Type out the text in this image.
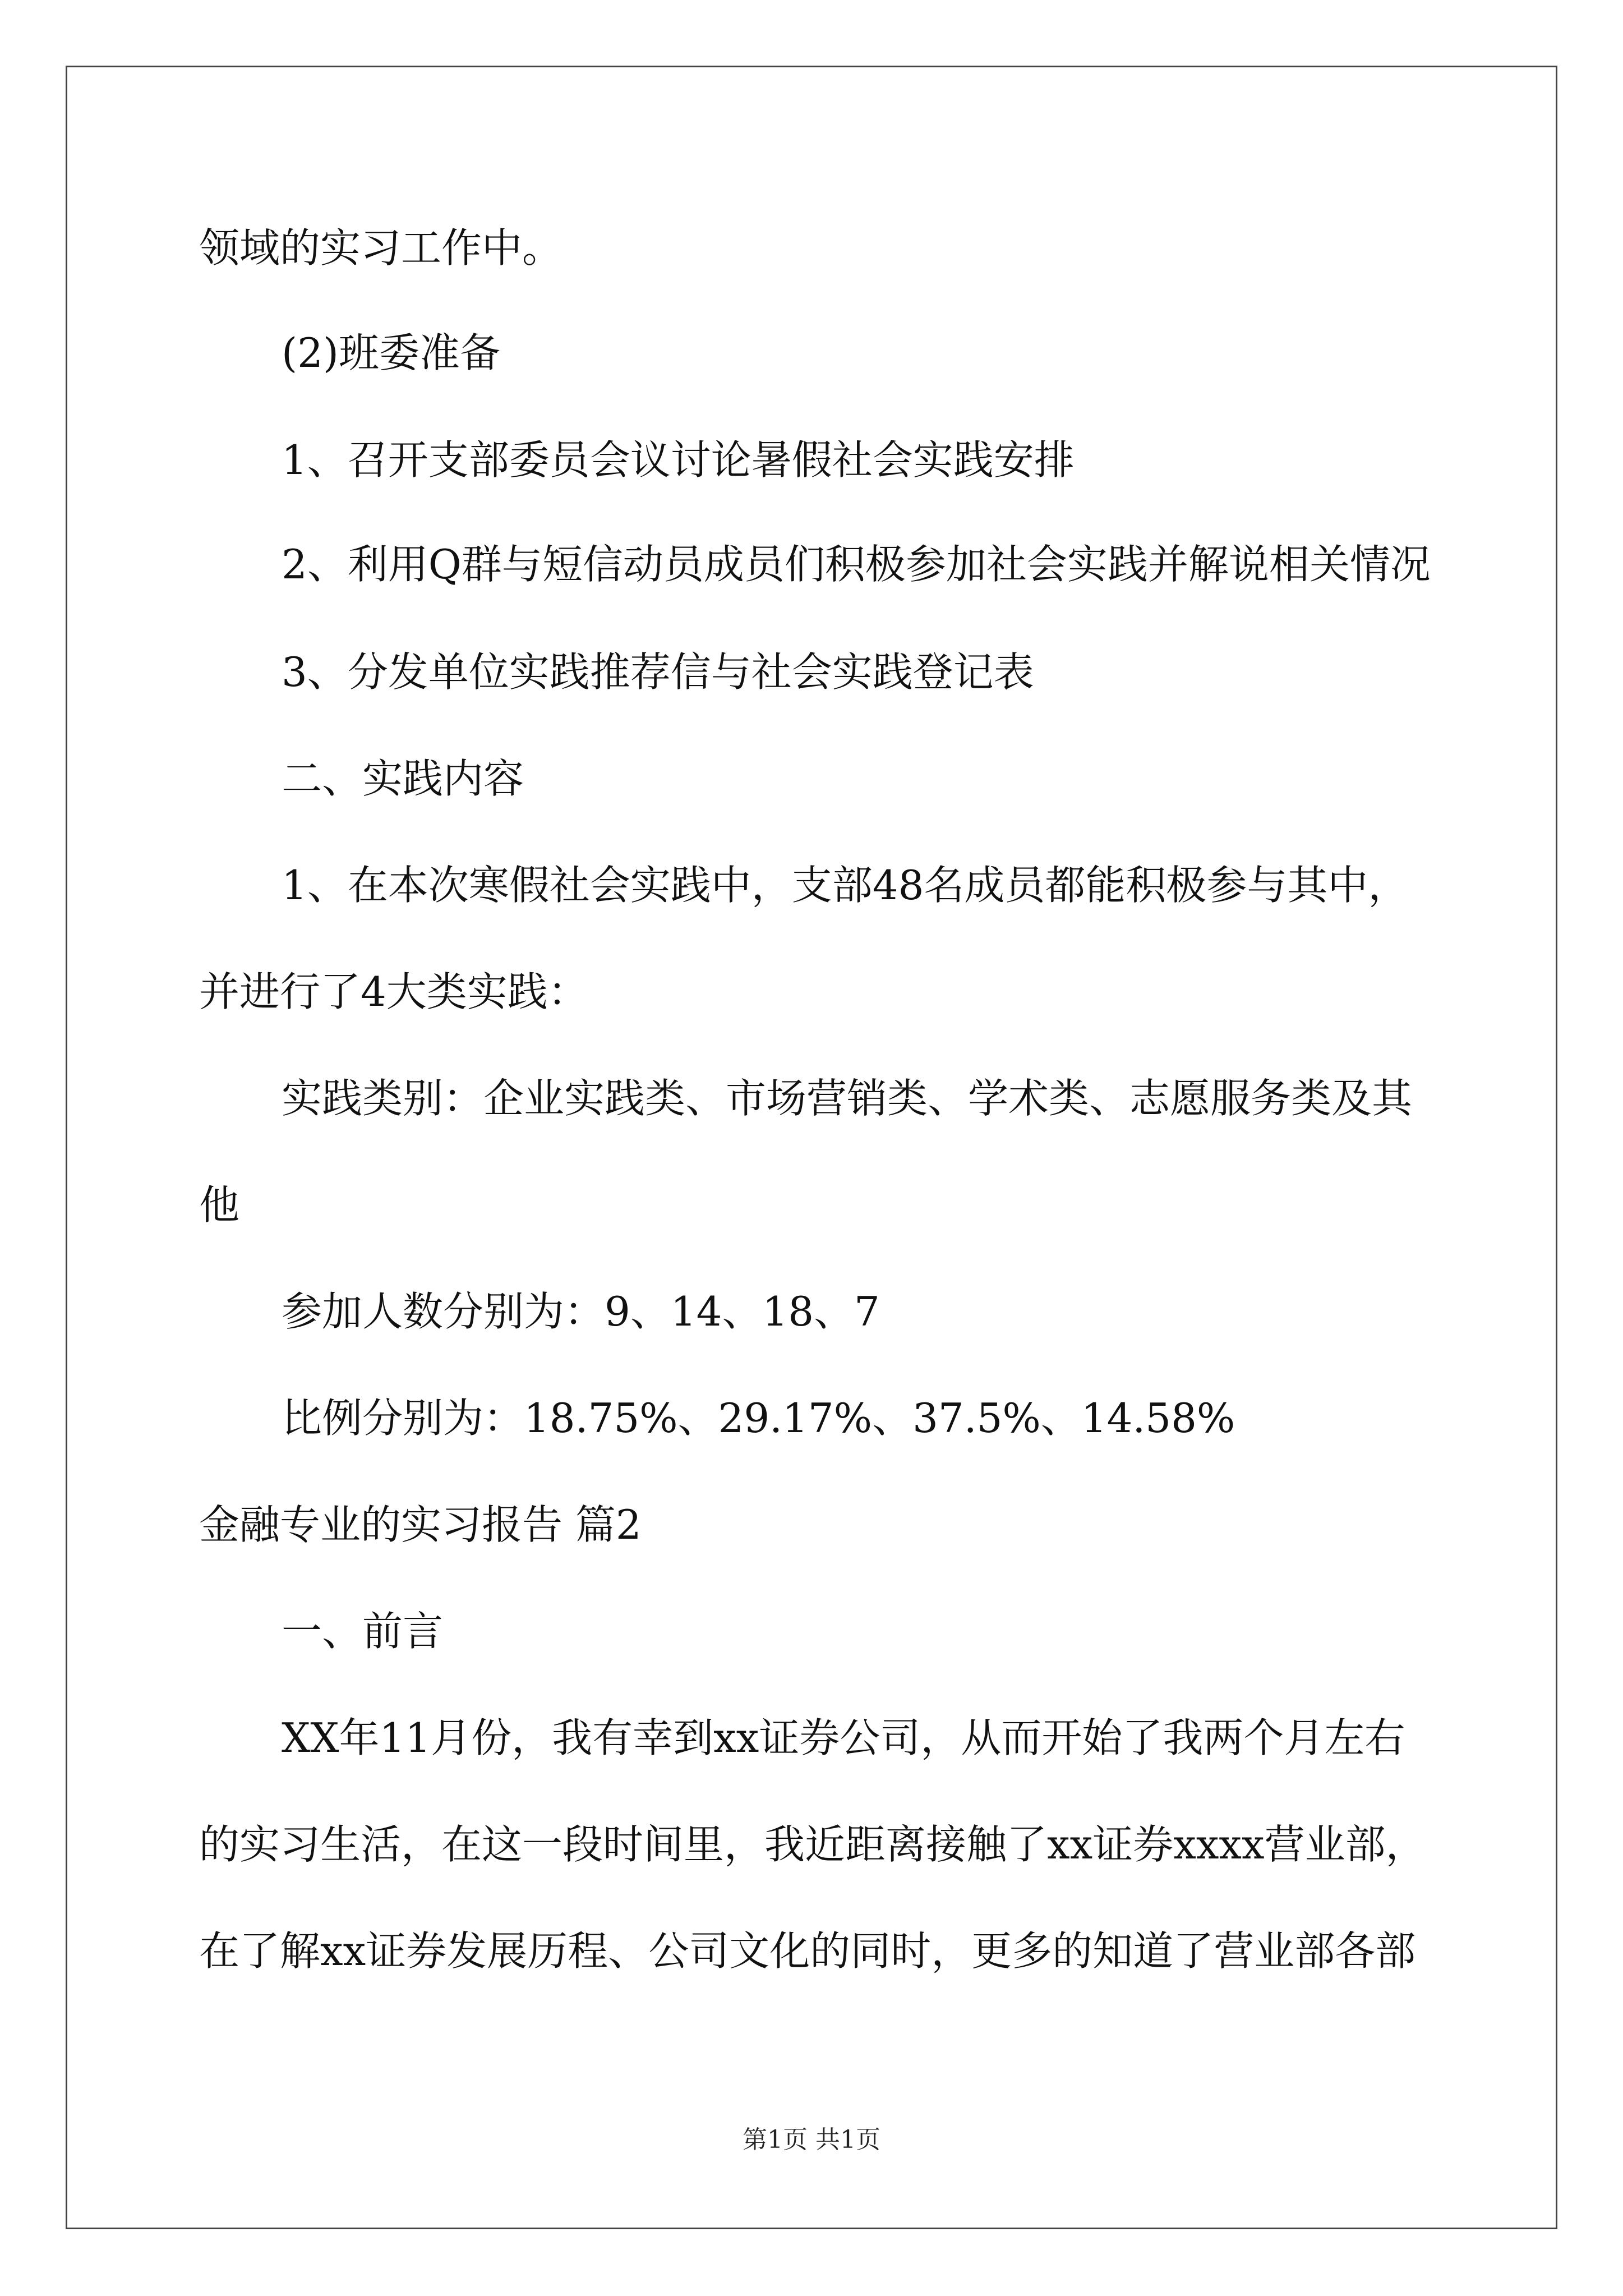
领域的实习工作中。
(2)班委准备
1、召开支部委员会议讨论暑假社会实践安排
2、利用Q群与短信动员成员们积极参加社会实践并解说相关情况
3、分发单位实践推荐信与社会实践登记表
二、实践内容
1、在本次寒假社会实践中，支部48名成员都能积极参与其中，
并进行了4大类实践：
实践类别：企业实践类、市场营销类、学术类、志愿服务类及其
他
参加人数分别为：9、14、18、7
比例分别为：18.75%、29.17%、37.5%、14.58%
金融专业的实习报告 篇2
一、前言
XX年11月份，我有幸到xx证券公司，从而开始了我两个月左右
的实习生活，在这一段时间里，我近距离接触了xx证券xxxx营业部，
在了解xx证券发展历程、公司文化的同时，更多的知道了营业部各部
第1页 共1页
